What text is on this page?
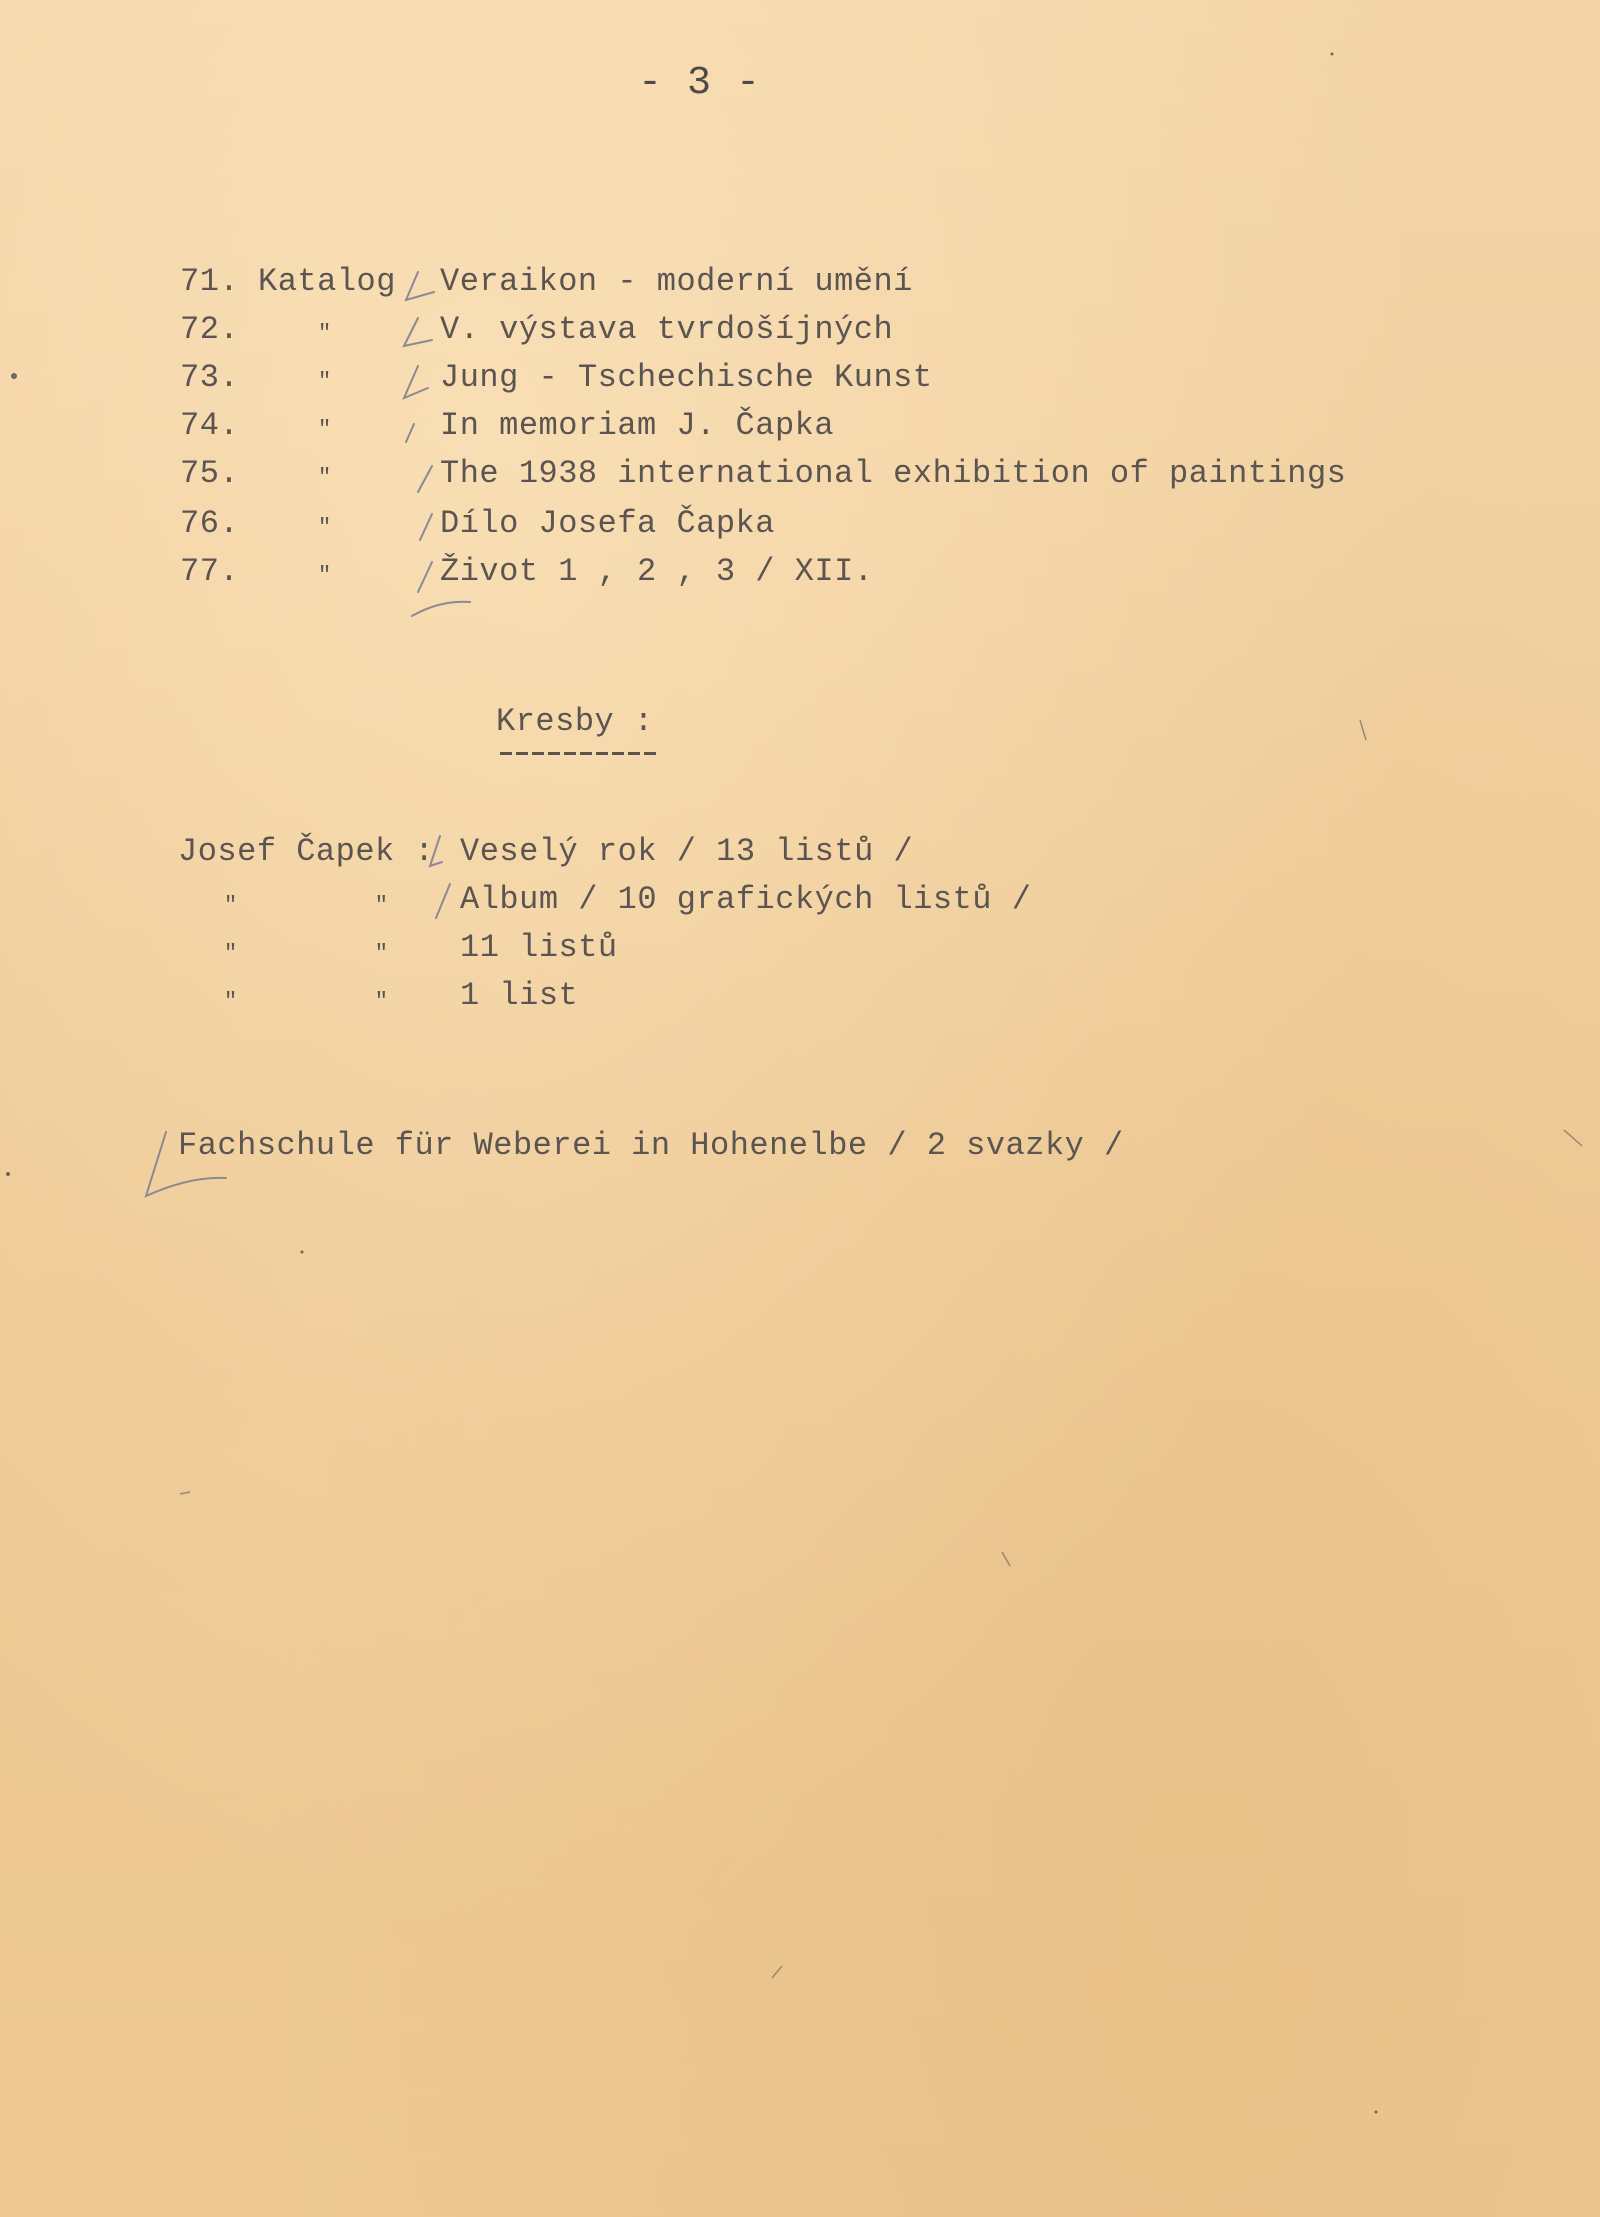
- 3 -
71. Katalog Veraikon - moderní umění
72.	"	V. výstava tvrdošíjných
73.	"	Jung - Tschechische Kunst
74.	"	In memoriam J. Čapka
75.	"	The 1938 international exhibition of paintings
76.	"	Dílo Josefa Čapka
77.	"	Život 1 , 2 , 3 / XII.
Kresby :
Josef Čapek : Veselý rok / 13 listů /
"          " Album / 10 grafických listů /
"          " 11 listů
"          " 1 list
Fachschule für Weberei in Hohenelbe / 2 svazky /
